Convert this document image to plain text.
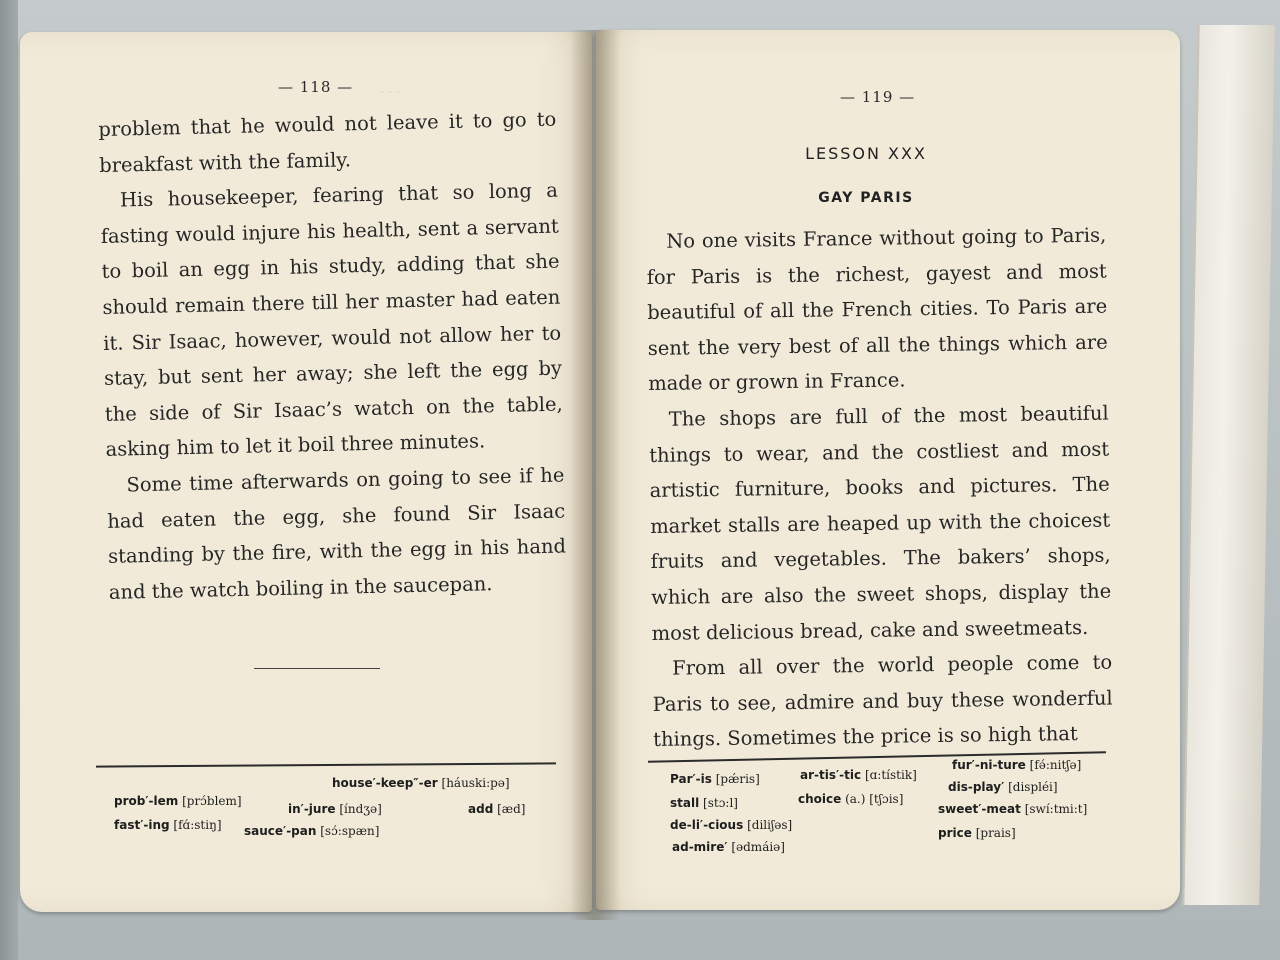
— 118 —	·· ·· ··

problem that he would not leave it to go to breakfast with the family.

His housekeeper, fearing that so long a fasting would injure his health, sent a servant to boil an egg in his study, adding that she should remain there till her master had eaten it. Sir Isaac, however, would not allow her to stay, but sent her away; she left the egg by the side of Sir Isaac’s watch on the table, asking him to let it boil three minutes.

Some time afterwards on going to see if he had eaten the egg, she found Sir Isaac standing by the fire, with the egg in his hand and the watch boiling in the saucepan.

prob′-lem [prɔ́blem]
fast′-ing [fɑ́:stiŋ]
house′-keep″-er [háuski:pə]
in′-jure [índʒə]	add [æd]
sauce′-pan [sɔ́:spæn]
— 119 —
LESSON XXX
GAY PARIS

No one visits France without going to Paris, for Paris is the richest, gayest and most beautiful of all the French cities. To Paris are sent the very best of all the things which are made or grown in France.

The shops are full of the most beautiful things to wear, and the costliest and most artistic furniture, books and pictures. The market stalls are heaped up with the choicest fruits and vegetables. The bakers’ shops, which are also the sweet shops, display the most delicious bread, cake and sweetmeats.

From all over the world people come to Paris to see, admire and buy these wonderful things. Sometimes the price is so high that

Par′-is [pǽris]
stall [stɔ:l]
de-li′-cious [diliʃəs]
ad-mire′ [ədmáiə]
ar-tis′-tic [ɑ:tístik]
choice (a.) [tʃɔis]
fur′-ni-ture [fə́:nitʃə]
dis-play′ [displéi]
sweet′-meat [swí:tmi:t]
price [prais]
